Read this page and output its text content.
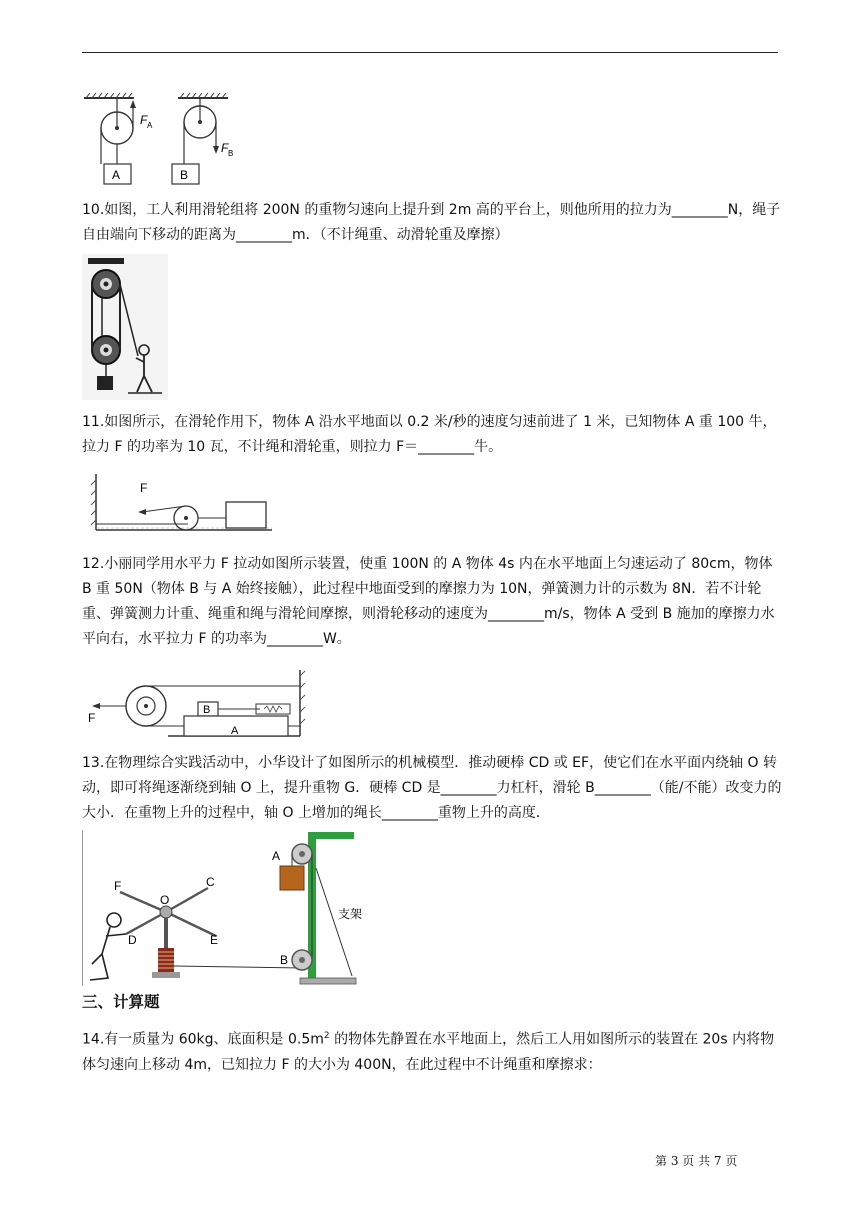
A
F A
B
F B
10.如图，工人利用滑轮组将 200N 的重物匀速向上提升到 2m 高的平台上，则他所用的拉力为________N，绳子自由端向下移动的距离为________m．（不计绳重、动滑轮重及摩擦）
11.如图所示，在滑轮作用下，物体 A 沿水平地面以 0.2 米/秒的速度匀速前进了 1 米，已知物体 A 重 100 牛，拉力 F 的功率为 10 瓦，不计绳和滑轮重，则拉力 F＝________牛。
F
12.小丽同学用水平力 F 拉动如图所示装置，使重 100N 的 A 物体 4s 内在水平地面上匀速运动了 80cm，物体 B 重 50N（物体 B 与 A 始终接触），此过程中地面受到的摩擦力为 10N，弹簧测力计的示数为 8N．若不计轮重、弹簧测力计重、绳重和绳与滑轮间摩擦，则滑轮移动的速度为________m/s，物体 A 受到 B 施加的摩擦力水平向右，水平拉力 F 的功率为________W。
B
A
F
13.在物理综合实践活动中，小华设计了如图所示的机械模型．推动硬棒 CD 或 EF，使它们在水平面内绕轴 O 转动，即可将绳逐渐绕到轴 O 上，提升重物 G．硬棒 CD 是________力杠杆，滑轮 B________（能/不能）改变力的大小．在重物上升的过程中，轴 O 上增加的绳长________重物上升的高度．
A
B
C
D	E
F
O
支架
三、计算题
14.有一质量为 60kg、底面积是 $0.5m^2$ 的物体先静置在水平地面上，然后工人用如图所示的装置在 20s 内将物体匀速向上移动 4m，已知拉力 F 的大小为 400N，在此过程中不计绳重和摩擦求：
第 3 页 共 7 页
